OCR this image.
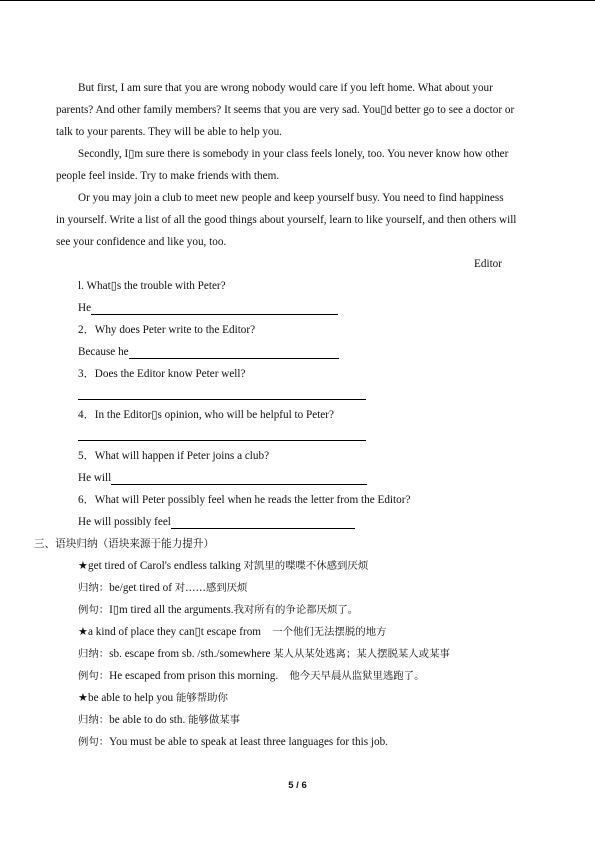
But first, I am sure that you are wrong nobody would care if you left home. What about your

parents? And other family members? It seems that you are very sad. You▯d better go to see a doctor or

talk to your parents. They will be able to help you.

Secondly, I▯m sure there is somebody in your class feels lonely, too. You never know how other

people feel inside. Try to make friends with them.

Or you may join a club to meet new people and keep yourself busy. You need to find happiness

in yourself. Write a list of all the good things about yourself, learn to like yourself, and then others will

see your confidence and like you, too.

Editor

l. What▯s the trouble with Peter?

He

2．Why does Peter write to the Editor?

Because he

3．Does the Editor know Peter well?

4．In the Editor▯s opinion, who will be helpful to Peter?

5．What will happen if Peter joins a club?

He will

6．What will Peter possibly feel when he reads the letter from the Editor?

He will possibly feel

三、语块归纳（语块来源于能力提升）

★get tired of Carol's endless talking 对凯里的喋喋不休感到厌烦

归纳：be/get tired of 对……感到厌烦

例句：I▯m tired all the arguments.我对所有的争论都厌烦了。

★a kind of place they can▯t escape from　一个他们无法摆脱的地方

归纳：sb. escape from sb. /sth./somewhere 某人从某处逃离；某人摆脱某人或某事

例句：He escaped from prison this morning.　他今天早晨从监狱里逃跑了。

★be able to help you 能够帮助你

归纳：be able to do sth. 能够做某事

例句：You must be able to speak at least three languages for this job.

5 / 6
